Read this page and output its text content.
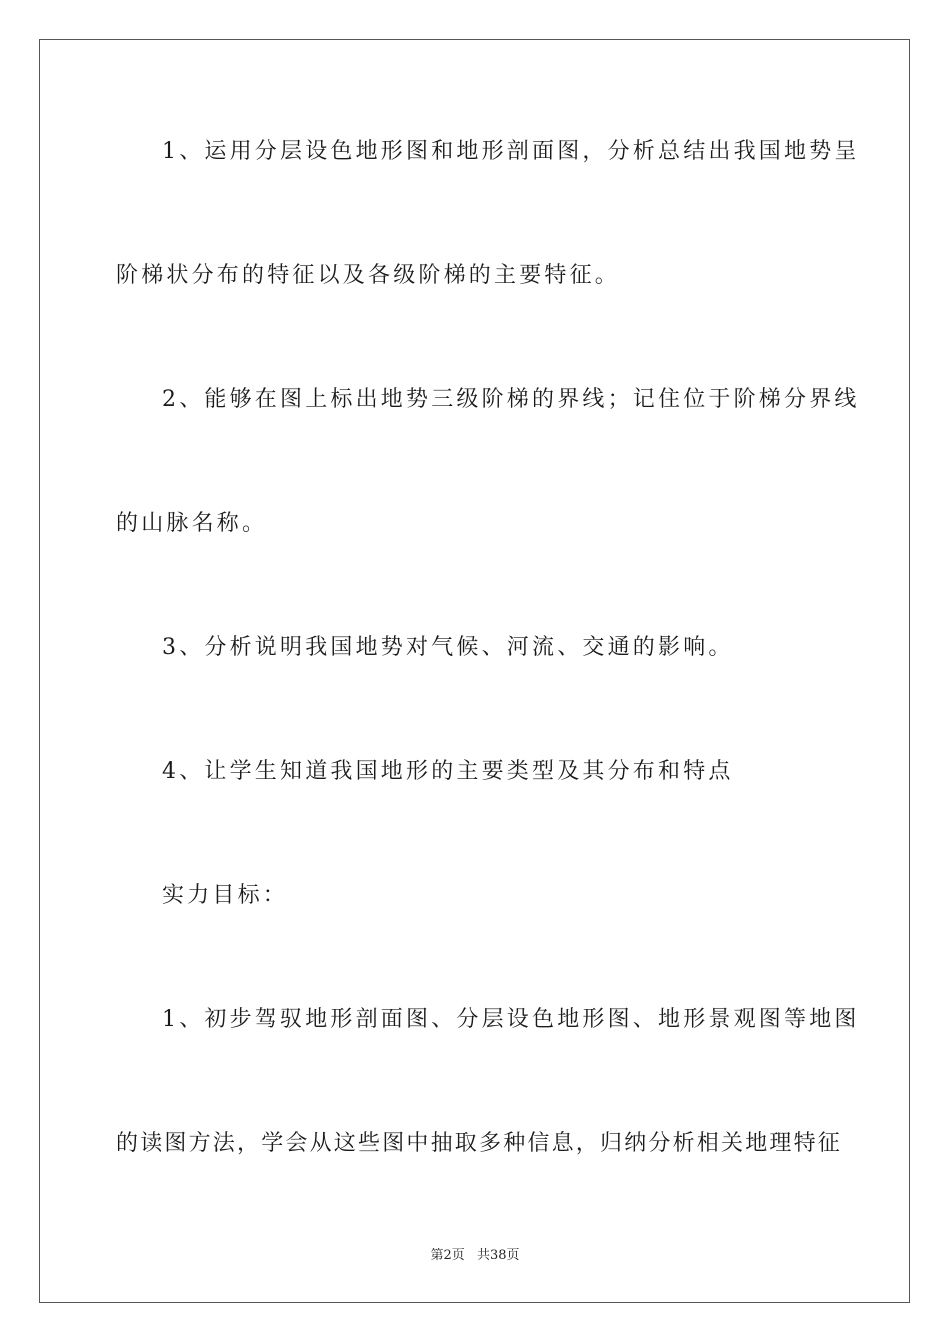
1、运用分层设色地形图和地形剖面图，分析总结出我国地势呈
阶梯状分布的特征以及各级阶梯的主要特征。
2、能够在图上标出地势三级阶梯的界线；记住位于阶梯分界线
的山脉名称。
3、分析说明我国地势对气候、河流、交通的影响。
4、让学生知道我国地形的主要类型及其分布和特点
实力目标：
1、初步驾驭地形剖面图、分层设色地形图、地形景观图等地图
的读图方法，学会从这些图中抽取多种信息，归纳分析相关地理特征
第2页 共38页
